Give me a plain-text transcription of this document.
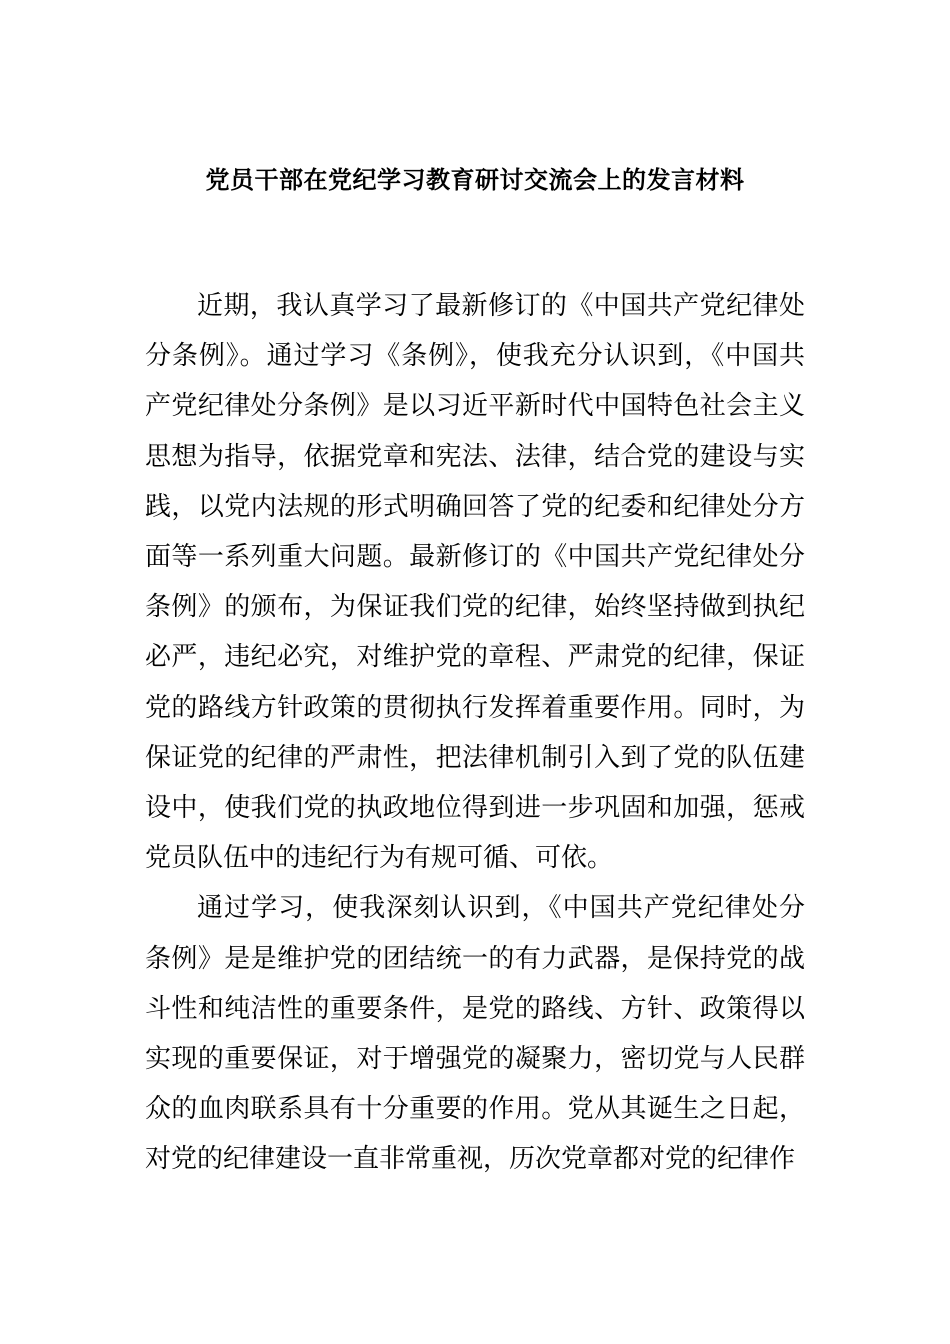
党员干部在党纪学习教育研讨交流会上的发言材料

近期，我认真学习了最新修订的《中国共产党纪律处分条例》。通过学习《条例》，使我充分认识到，《中国共产党纪律处分条例》是以习近平新时代中国特色社会主义思想为指导，依据党章和宪法、法律，结合党的建设与实践，以党内法规的形式明确回答了党的纪委和纪律处分方面等一系列重大问题。最新修订的《中国共产党纪律处分条例》的颁布，为保证我们党的纪律，始终坚持做到执纪必严，违纪必究，对维护党的章程、严肃党的纪律，保证党的路线方针政策的贯彻执行发挥着重要作用。同时，为保证党的纪律的严肃性，把法律机制引入到了党的队伍建设中，使我们党的执政地位得到进一步巩固和加强，惩戒党员队伍中的违纪行为有规可循、可依。

通过学习，使我深刻认识到，《中国共产党纪律处分条例》是是维护党的团结统一的有力武器，是保持党的战斗性和纯洁性的重要条件，是党的路线、方针、政策得以实现的重要保证，对于增强党的凝聚力，密切党与人民群众的血肉联系具有十分重要的作用。党从其诞生之日起，对党的纪律建设一直非常重视，历次党章都对党的纪律作
